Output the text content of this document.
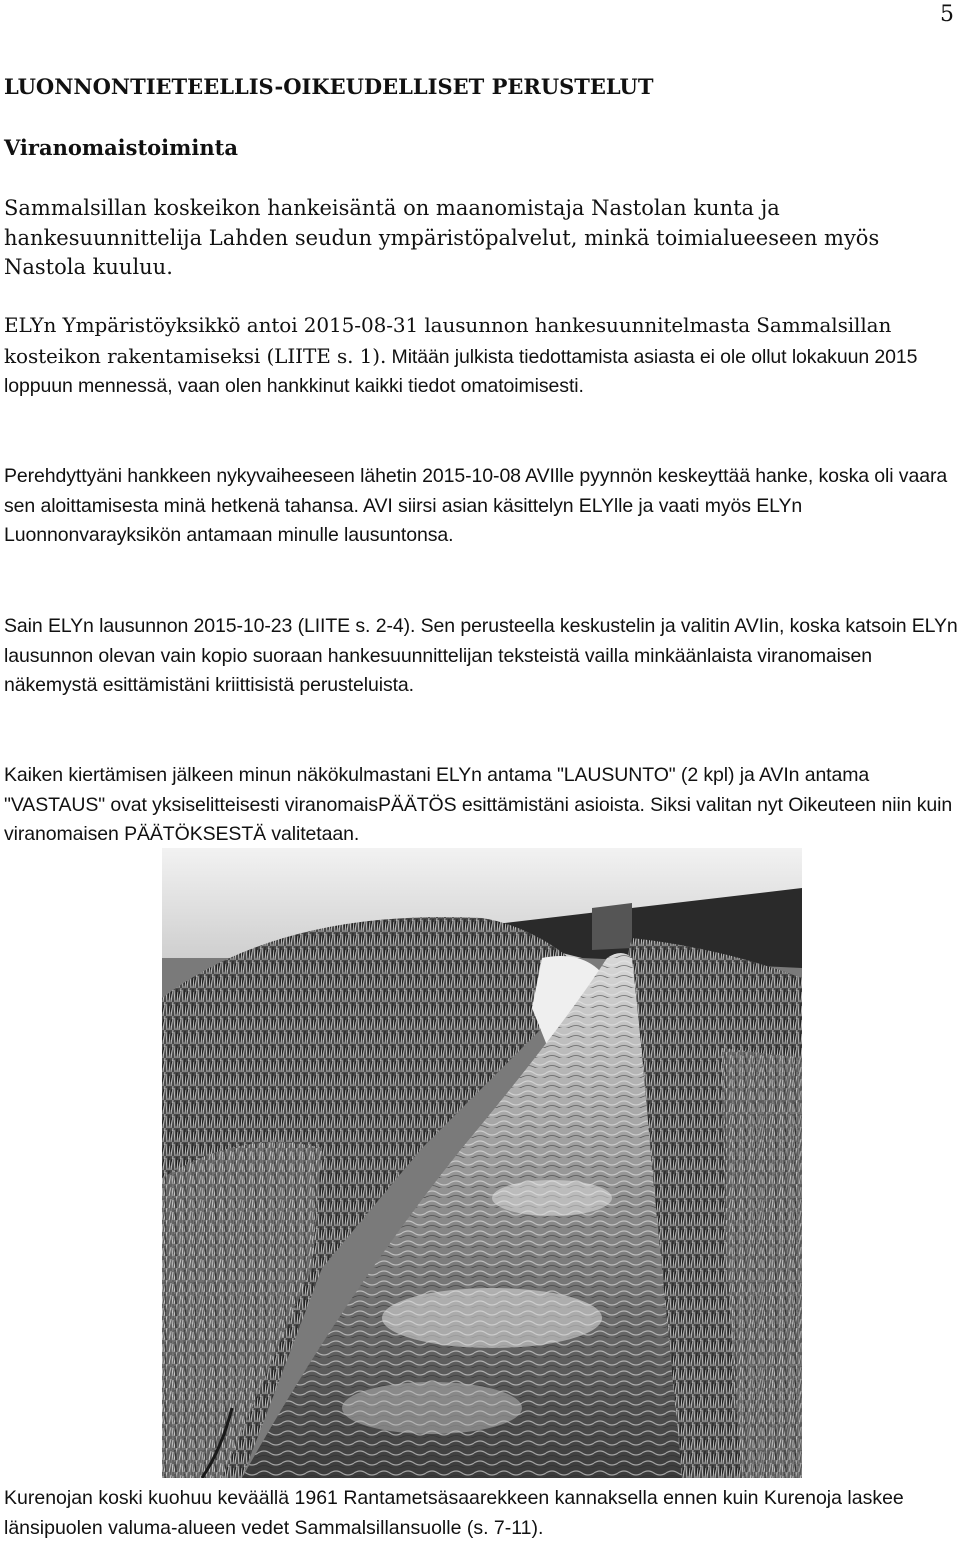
5
LUONNONTIETEELLIS-OIKEUDELLISET PERUSTELUT
Viranomaistoiminta

Sammalsillan koskeikon hankeisäntä on maanomistaja Nastolan kunta ja hankesuunnittelija Lahden seudun ympäristöpalvelut, minkä toimialueeseen myös Nastola kuuluu.

ELYn Ympäristöyksikkö antoi 2015-08-31 lausunnon hankesuunnitelmasta Sammalsillan kosteikon rakentamiseksi (LIITE s. 1). Mitään julkista tiedottamista asiasta ei ole ollut lokakuun 2015 loppuun mennessä, vaan olen hankkinut kaikki tiedot omatoimisesti.

Perehdyttyäni hankkeen nykyvaiheeseen lähetin 2015-10-08 AVIlle pyynnön keskeyttää hanke, koska oli vaara sen aloittamisesta minä hetkenä tahansa. AVI siirsi asian käsittelyn ELYlle ja vaati myös ELYn Luonnonvarayksikön antamaan minulle lausuntonsa.

Sain ELYn lausunnon 2015-10-23 (LIITE s. 2-4). Sen perusteella keskustelin ja valitin AVIin, koska katsoin ELYn lausunnon olevan vain kopio suoraan hankesuunnittelijan teksteistä vailla minkäänlaista viranomaisen näkemystä esittämistäni kriittisistä perusteluista.

Kaiken kiertämisen jälkeen minun näkökulmastani ELYn antama "LAUSUNTO" (2 kpl) ja AVIn antama "VASTAUS" ovat yksiselitteisesti viranomaisPÄÄTÖS esittämistäni asioista. Siksi valitan nyt Oikeuteen niin kuin viranomaisen PÄÄTÖKSESTÄ valitetaan.

Kurenojan koski kuohuu keväällä 1961 Rantametsäsaarekkeen kannaksella ennen kuin Kurenoja laskee länsipuolen valuma-alueen vedet Sammalsillansuolle (s. 7-11).
